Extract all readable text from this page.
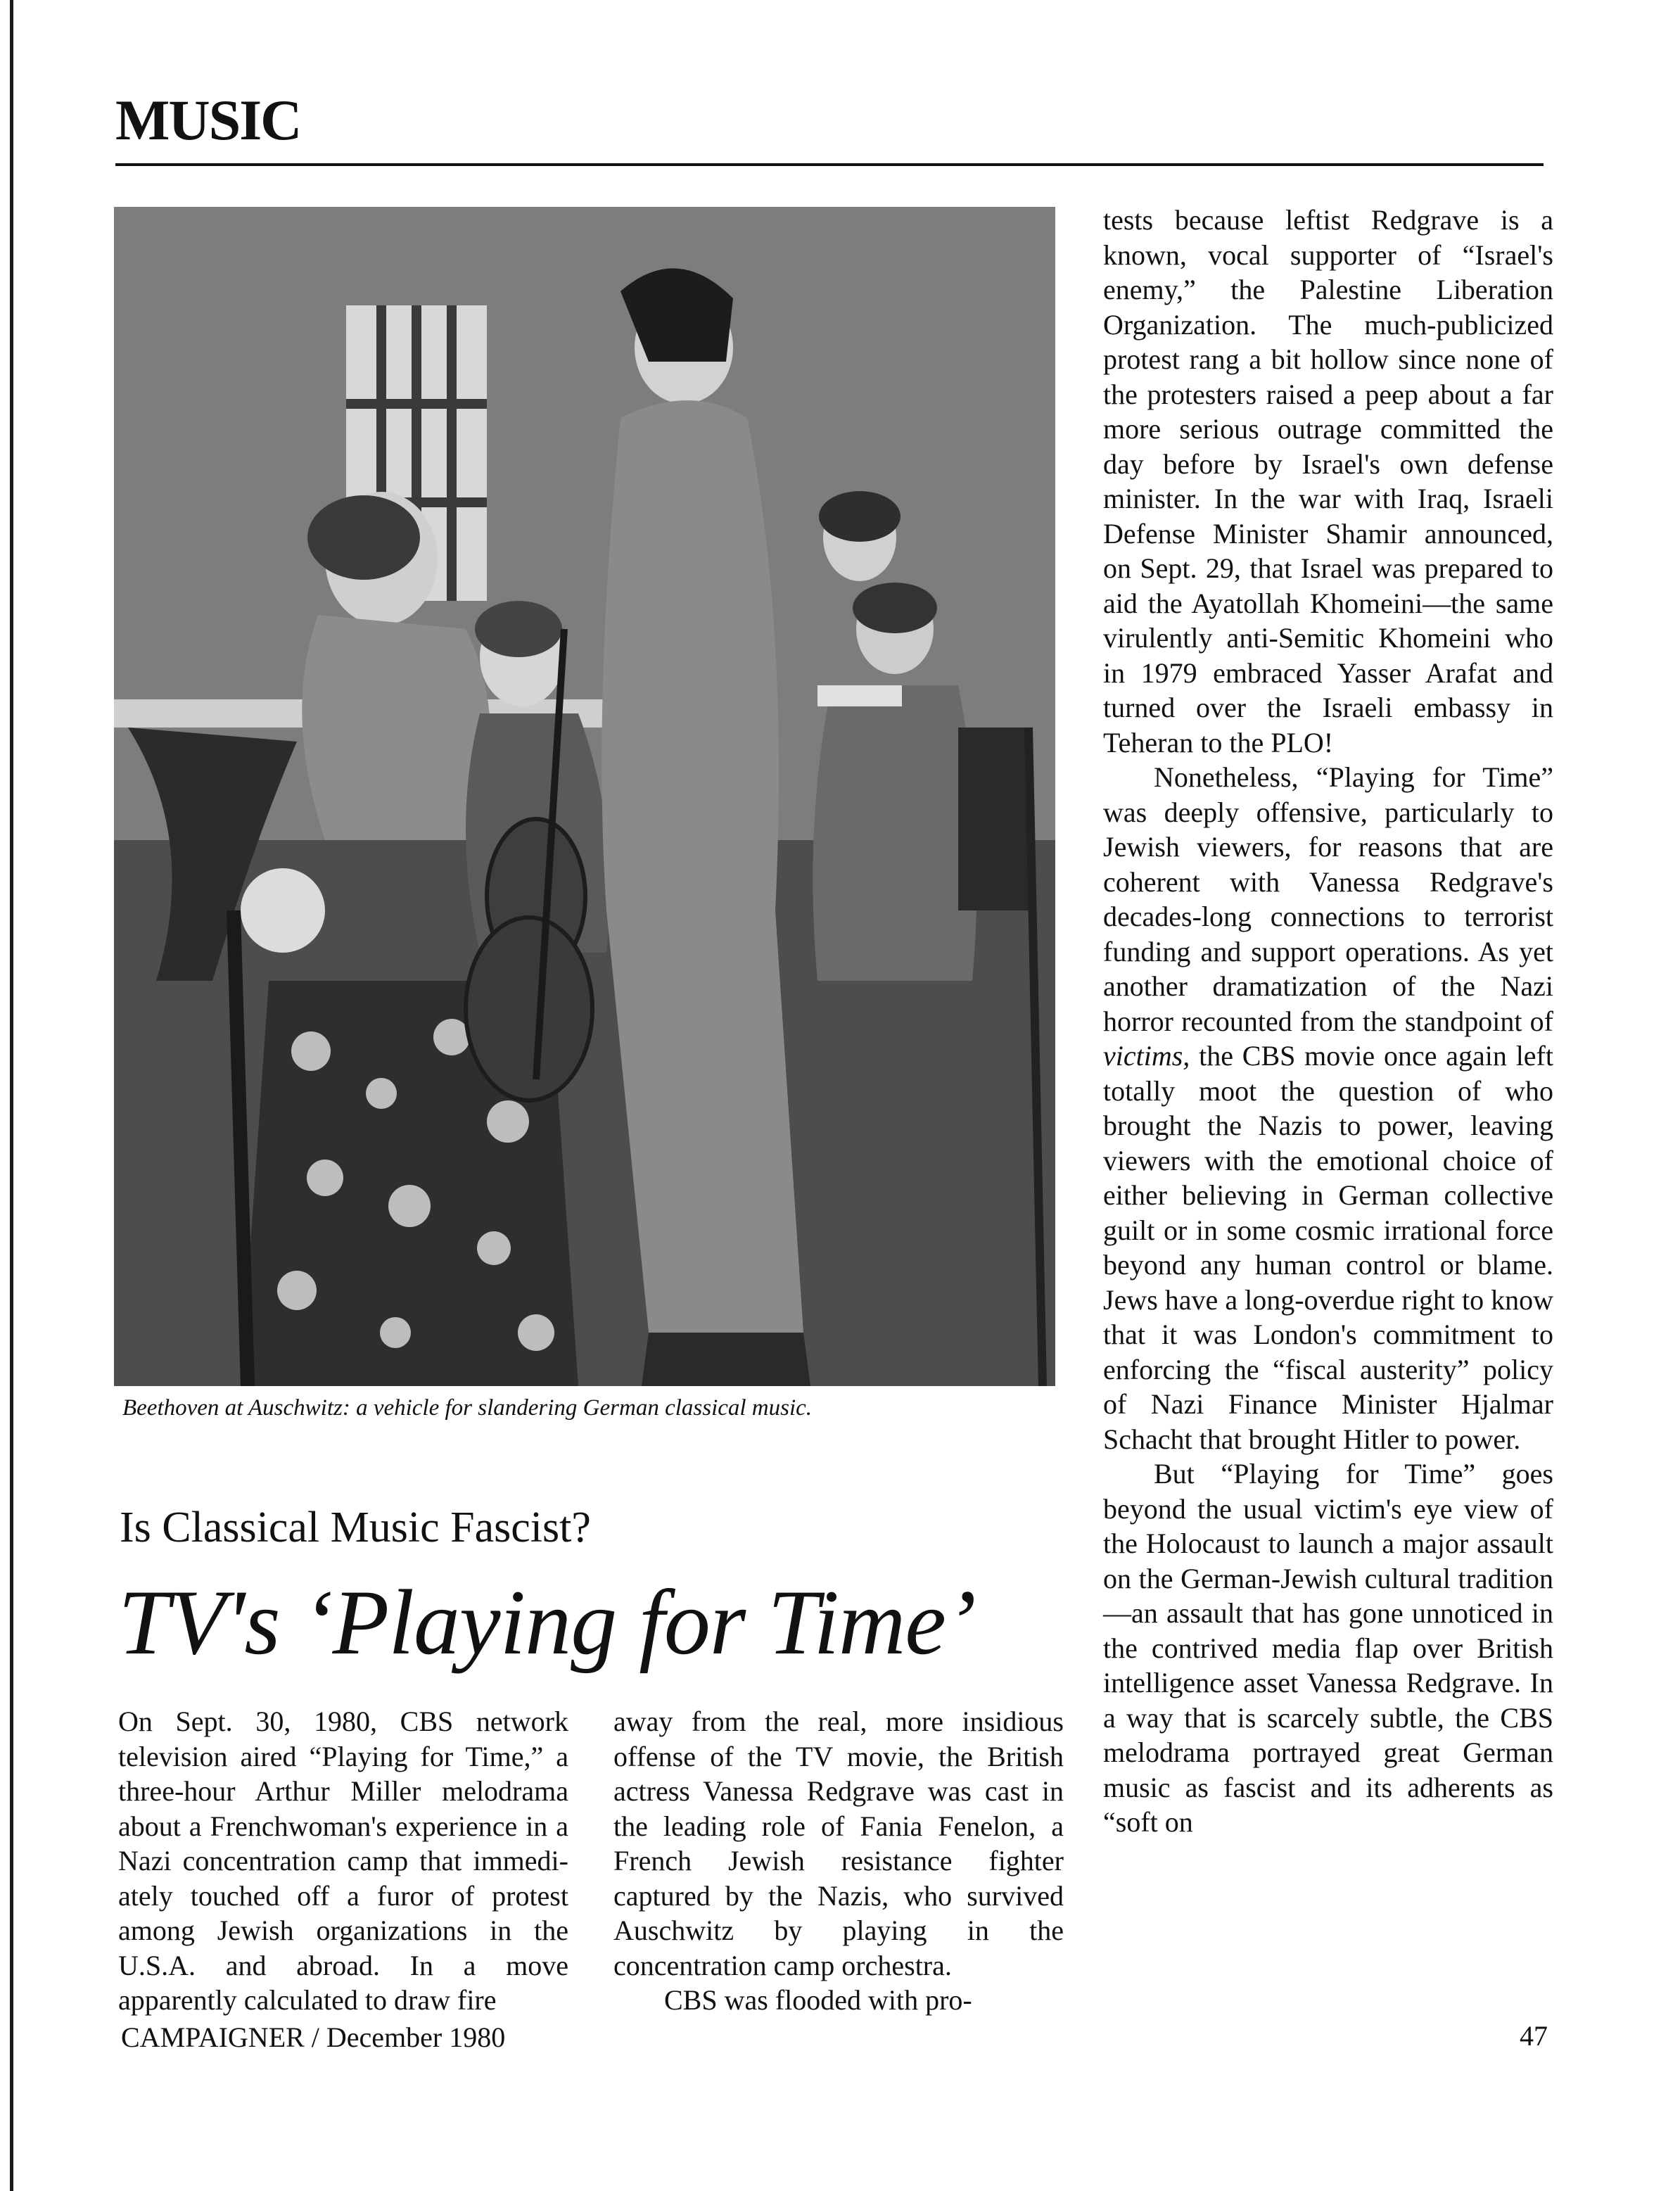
MUSIC
Beethoven at Auschwitz: a vehicle for slandering German classical music.
Is Classical Music Fascist?
TV's ‘Playing for Time’

On Sept. 30, 1980, CBS network television aired “Playing for Time,” a three-hour Arthur Miller melodrama about a Frenchwoman's experience in a Nazi concentration camp that immediately touched off a furor of protest among Jewish organizations in the U.S.A. and abroad. In a move apparently calculated to draw fire

away from the real, more insidious offense of the TV movie, the British actress Vanessa Redgrave was cast in the leading role of Fania Fenelon, a French Jewish resistance fighter captured by the Nazis, who survived Auschwitz by playing in the concentration camp orchestra.

CBS was flooded with pro-

tests because leftist Redgrave is a known, vocal supporter of “Israel's enemy,” the Palestine Liberation Organization. The much-publicized protest rang a bit hollow since none of the protesters raised a peep about a far more serious outrage committed the day before by Israel's own defense minister. In the war with Iraq, Israeli Defense Minister Shamir announced, on Sept. 29, that Israel was prepared to aid the Ayatollah Khomeini—the same virulently anti-Semitic Khomeini who in 1979 embraced Yasser Arafat and turned over the Israeli embassy in Teheran to the PLO!

Nonetheless, “Playing for Time” was deeply offensive, particularly to Jewish viewers, for reasons that are coherent with Vanessa Redgrave's decades-long connections to terrorist funding and support operations. As yet another dramatization of the Nazi horror recounted from the standpoint of victims, the CBS movie once again left totally moot the question of who brought the Nazis to power, leaving viewers with the emotional choice of either believing in German collective guilt or in some cosmic irrational force beyond any human control or blame. Jews have a long-overdue right to know that it was London's commitment to enforcing the “fiscal austerity” policy of Nazi Finance Minister Hjalmar Schacht that brought Hitler to power.

But “Playing for Time” goes beyond the usual victim's eye view of the Holocaust to launch a major assault on the German-Jewish cultural tradition—an assault that has gone unnoticed in the contrived media flap over British intelligence asset Vanessa Redgrave. In a way that is scarcely subtle, the CBS melodrama portrayed great German music as fascist and its adherents as “soft on

CAMPAIGNER / December 1980	47
